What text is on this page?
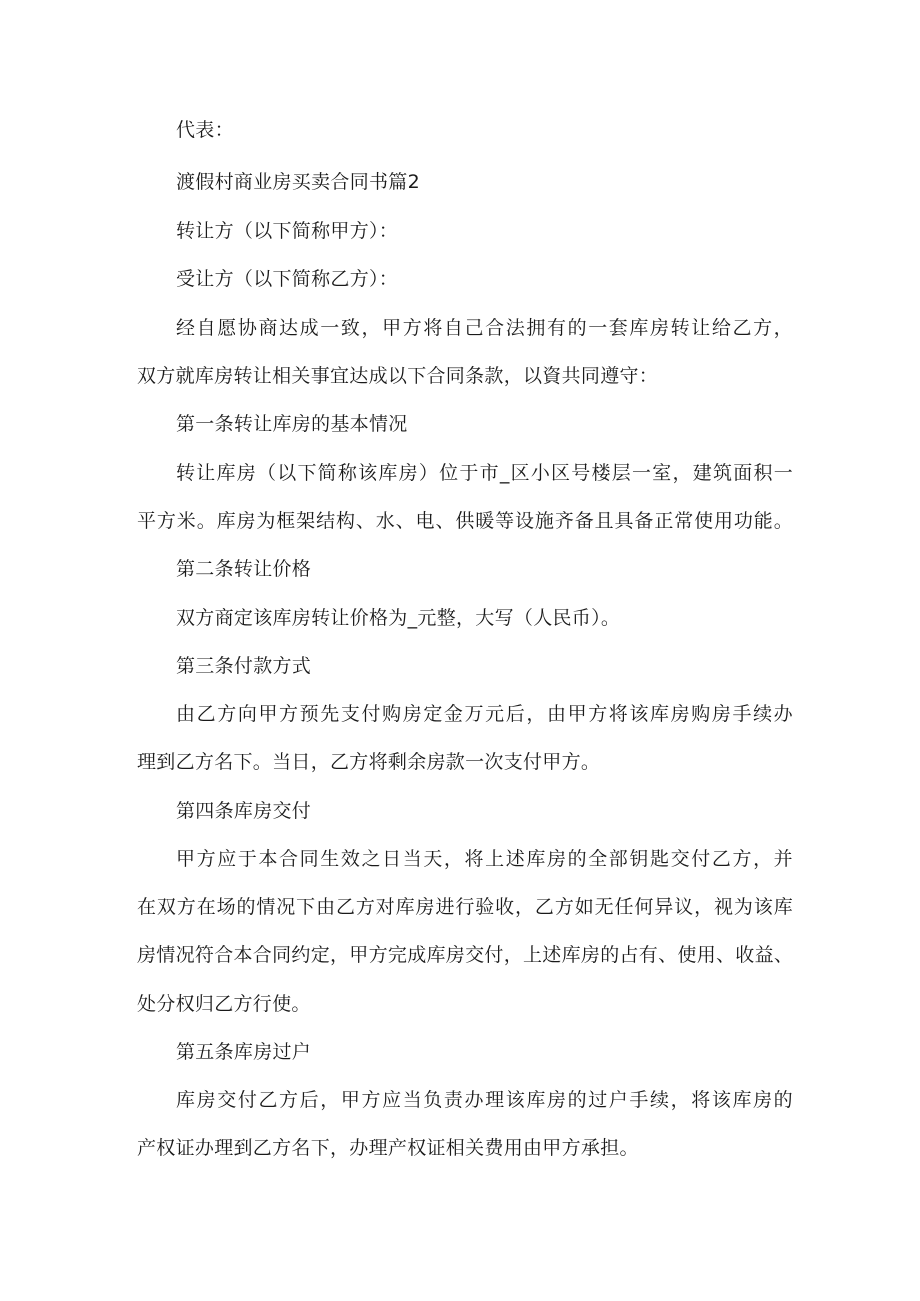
代表：
渡假村商业房买卖合同书篇2
转让方（以下简称甲方）：
受让方（以下简称乙方）：
经自愿协商达成一致，甲方将自己合法拥有的一套库房转让给乙方，
双方就库房转让相关事宜达成以下合同条款，以資共同遵守：
第一条转让库房的基本情况
转让库房（以下简称该库房）位于市_区小区号楼层一室，建筑面积一
平方米。库房为框架结构、水、电、供暖等设施齐备且具备正常使用功能。
第二条转让价格
双方商定该库房转让价格为_元整，大写（人民币）。
第三条付款方式
由乙方向甲方预先支付购房定金万元后，由甲方将该库房购房手续办
理到乙方名下。当日，乙方将剩余房款一次支付甲方。
第四条库房交付
甲方应于本合同生效之日当天，将上述库房的全部钥匙交付乙方，并
在双方在场的情况下由乙方对库房进行验收，乙方如无任何异议，视为该库
房情况符合本合同约定，甲方完成库房交付，上述库房的占有、使用、收益、
处分权归乙方行使。
第五条库房过户
库房交付乙方后，甲方应当负责办理该库房的过户手续，将该库房的
产权证办理到乙方名下，办理产权证相关费用由甲方承担。
